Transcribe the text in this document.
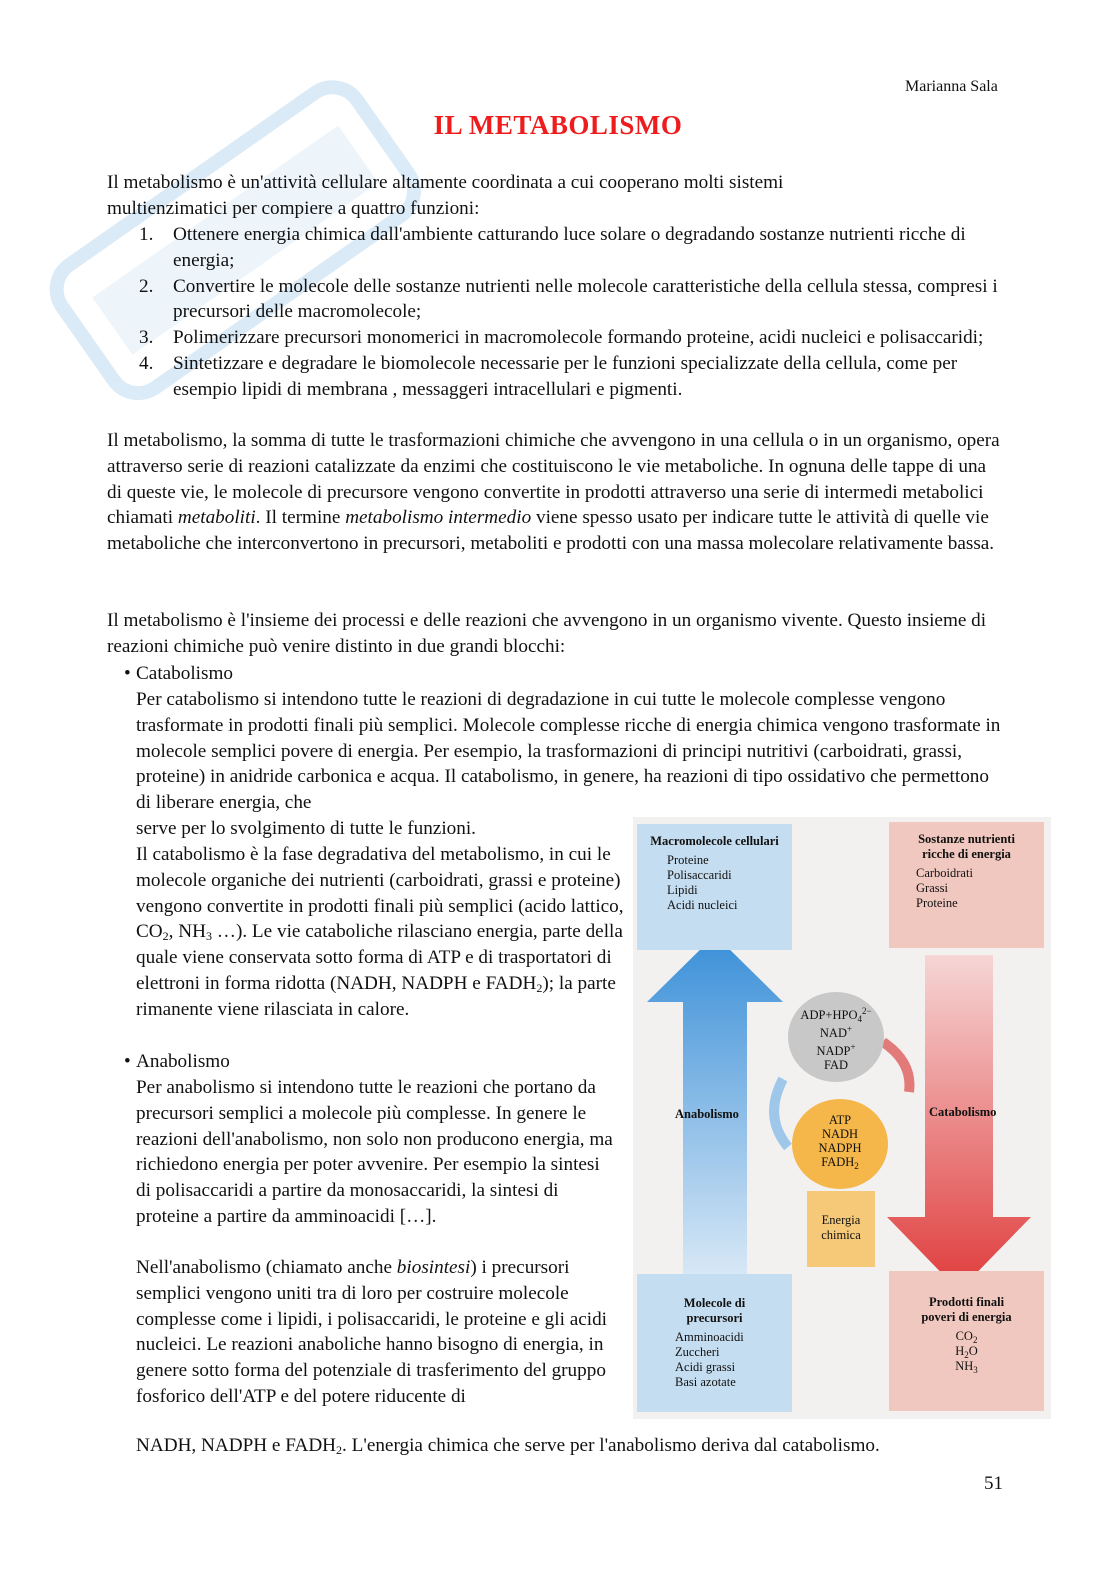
Marianna Sala
IL METABOLISMO
Il metabolismo è un'attività cellulare altamente coordinata a cui cooperano molti sistemi
multienzimatici per compiere a quattro funzioni:
1. Ottenere energia chimica dall'ambiente catturando luce solare o degradando sostanze nutrienti ricche di energia;
2. Convertire le molecole delle sostanze nutrienti nelle molecole caratteristiche della cellula stessa, compresi i precursori delle macromolecole;
3. Polimerizzare precursori monomerici in macromolecole formando proteine, acidi nucleici e polisaccaridi;
4. Sintetizzare e degradare le biomolecole necessarie per le funzioni specializzate della cellula, come per esempio lipidi di membrana , messaggeri intracellulari e pigmenti.
Il metabolismo, la somma di tutte le trasformazioni chimiche che avvengono in una cellula o in un organismo, opera attraverso serie di reazioni catalizzate da enzimi che costituiscono le vie metaboliche. In ognuna delle tappe di una di queste vie, le molecole di precursore vengono convertite in prodotti attraverso una serie di intermedi metabolici chiamati metaboliti. Il termine metabolismo intermedio viene spesso usato per indicare tutte le attività di quelle vie metaboliche che interconvertono in precursori, metaboliti e prodotti con una massa molecolare relativamente bassa.
Il metabolismo è l'insieme dei processi e delle reazioni che avvengono in un organismo vivente. Questo insieme di reazioni chimiche può venire distinto in due grandi blocchi:
• Catabolismo
Per catabolismo si intendono tutte le reazioni di degradazione in cui tutte le molecole complesse vengono trasformate in prodotti finali più semplici. Molecole complesse ricche di energia chimica vengono trasformate in molecole semplici povere di energia. Per esempio, la trasformazioni di principi nutritivi (carboidrati, grassi, proteine) in anidride carbonica e acqua. Il catabolismo, in genere, ha reazioni di tipo ossidativo che permettono di liberare energia, che
serve per lo svolgimento di tutte le funzioni.
Il catabolismo è la fase degradativa del metabolismo, in cui le molecole organiche dei nutrienti (carboidrati, grassi e proteine) vengono convertite in prodotti finali più semplici (acido lattico, $CO_2$, $NH_3$ …). Le vie cataboliche rilasciano energia, parte della quale viene conservata sotto forma di ATP e di trasportatori di elettroni in forma ridotta (NADH, NADPH e $FADH_2$); la parte rimanente viene rilasciata in calore.
• Anabolismo
Per anabolismo si intendono tutte le reazioni che portano da precursori semplici a molecole più complesse. In genere le reazioni dell'anabolismo, non solo non producono energia, ma richiedono energia per poter avvenire. Per esempio la sintesi di polisaccaridi a partire da monosaccaridi, la sintesi di proteine a partire da amminoacidi […].
Nell'anabolismo (chiamato anche biosintesi) i precursori semplici vengono uniti tra di loro per costruire molecole complesse come i lipidi, i polisaccaridi, le proteine e gli acidi nucleici. Le reazioni anaboliche hanno bisogno di energia, in genere sotto forma del potenziale di trasferimento del gruppo fosforico dell'ATP e del potere riducente di
NADH, NADPH e $FADH_2$. L'energia chimica che serve per l'anabolismo deriva dal catabolismo.
Macromolecole cellulari
Proteine
Polisaccaridi
Lipidi
Acidi nucleici
Sostanze nutrienti ricche di energia
Carboidrati
Grassi
Proteine
$ADP+HPO_4^{2-}$
NAD+
NADP+
FAD
ATP
NADH
NADPH
$FADH_2$
Anabolismo	Catabolismo
Energia chimica
Molecole di precursori
Amminoacidi
Zuccheri
Acidi grassi
Basi azotate
Prodotti finali poveri di energia
$CO_2$
$H_2O$
$NH_3$
51
